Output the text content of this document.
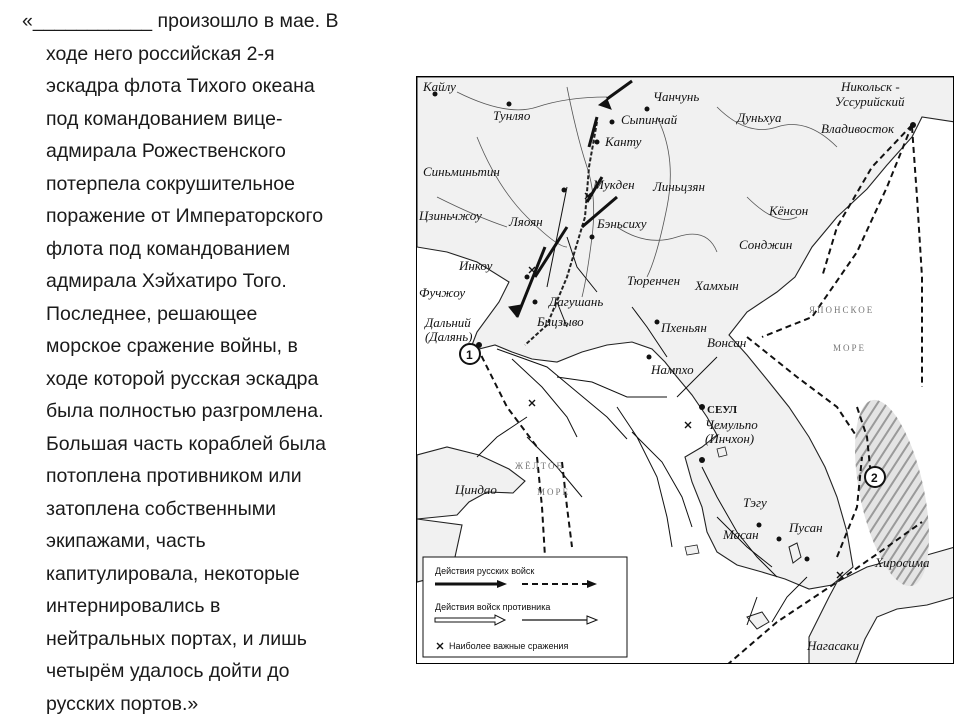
«___________ произошло в мае. В
ходе него российская 2-я
эскадра флота Тихого океана
под командованием вице-
адмирала Рожественского
потерпела сокрушительное
поражение от Императорского
флота под командованием
адмирала Хэйхатиро Того.
Последнее, решающее
морское сражение войны, в
ходе которой русская эскадра
была полностью разгромлена.
Большая часть кораблей была
потоплена противником или
затоплена собственными
экипажами, часть
капитулировала, некоторые
интернировались в
нейтральных портах, и лишь
четырём удалось дойти до
русских портов.»
Кайлу
Тунляо
Чанчунь
Сыпинчай	Дуньхуа
Никольск -
Уссурийский
Владивосток
Канту
Синьминьтин
Мукден Линьцзян
Цзиньчжоу Ляоян	Бэньсиху
Кёнсон
Инкоу
Сонджин
Тюренчен
Фучжоу
Дагушань
Хамхын
Дальний
(Далянь)
Бицзыво	Пхеньян
Вонсан
Нампхо
СЕУЛ
Чемульпо
(Инчхон)
Циндао
Тэгу
Масан Пусан
Хиросима
Нагасаки
ЯПОНСКОЕ
МОРЕ
ЖЁЛТОЕ
МОРЕ
1
2
Действия русских войск
Действия войск противника
Наиболее важные сражения
